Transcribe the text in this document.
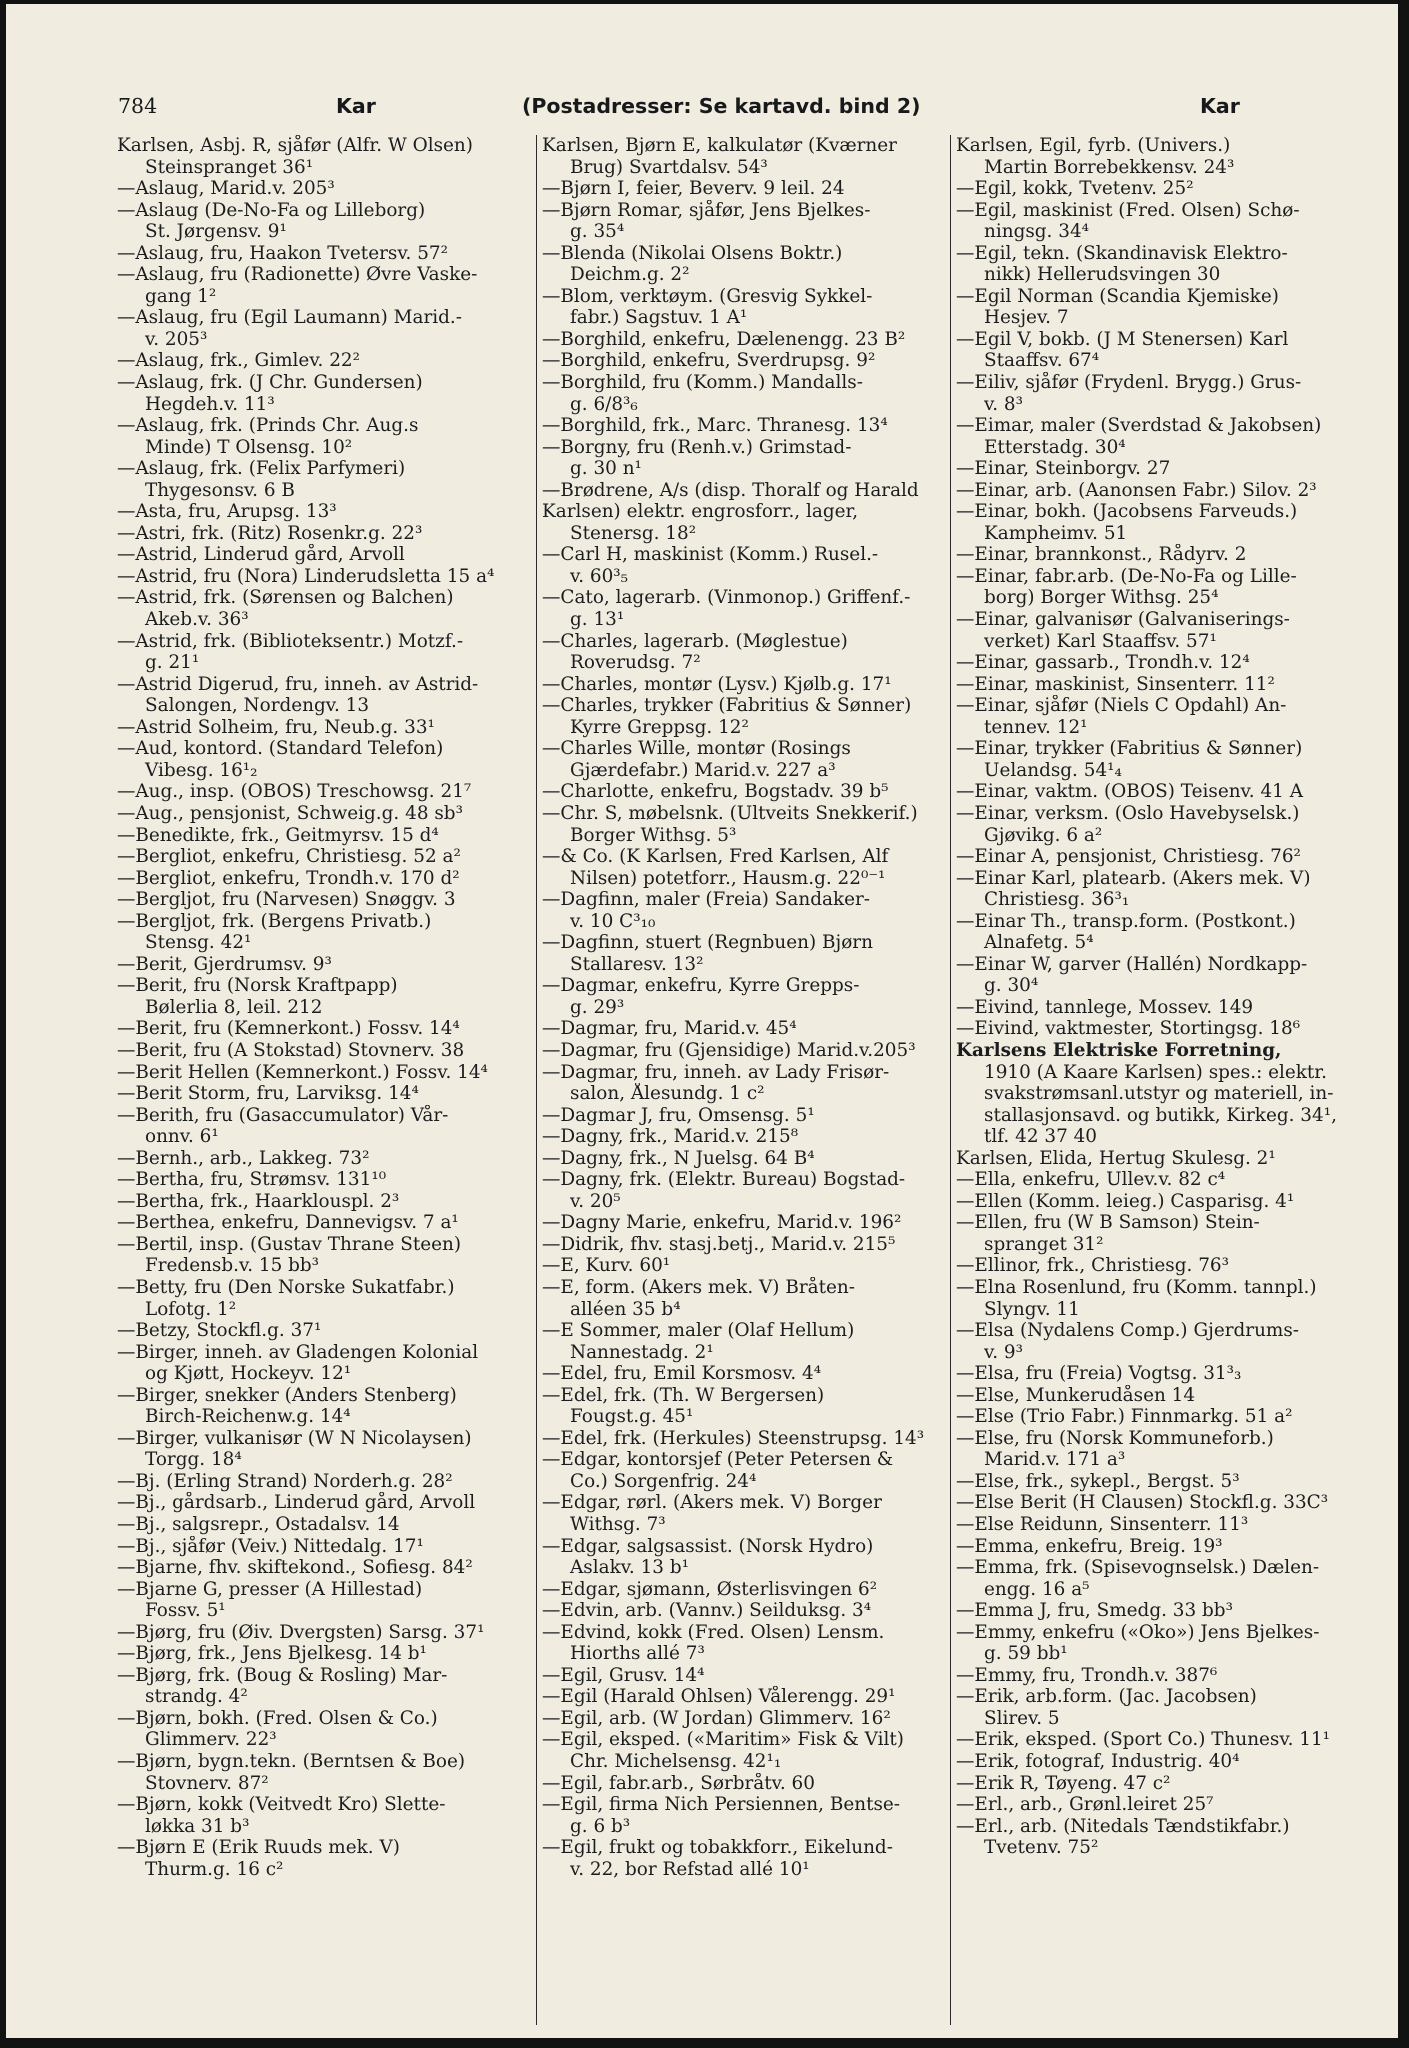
784	Kar	(Postadresser: Se kartavd. bind 2)	Kar
Karlsen, Asbj. R, sjåfør (Alfr. W Olsen)
Steinspranget 36¹
—Aslaug, Marid.v. 205³
—Aslaug (De-No-Fa og Lilleborg)
St. Jørgensv. 9¹
—Aslaug, fru, Haakon Tvetersv. 57²
—Aslaug, fru (Radionette) Øvre Vaske-
gang 1²
—Aslaug, fru (Egil Laumann) Marid.-
v. 205³
—Aslaug, frk., Gimlev. 22²
—Aslaug, frk. (J Chr. Gundersen)
Hegdeh.v. 11³
—Aslaug, frk. (Prinds Chr. Aug.s
Minde) T Olsensg. 10²
—Aslaug, frk. (Felix Parfymeri)
Thygesonsv. 6 B
—Asta, fru, Arupsg. 13³
—Astri, frk. (Ritz) Rosenkr.g. 22³
—Astrid, Linderud gård, Arvoll
—Astrid, fru (Nora) Linderudsletta 15 a⁴
—Astrid, frk. (Sørensen og Balchen)
Akeb.v. 36³
—Astrid, frk. (Biblioteksentr.) Motzf.-
g. 21¹
—Astrid Digerud, fru, inneh. av Astrid-
Salongen, Nordengv. 13
—Astrid Solheim, fru, Neub.g. 33¹
—Aud, kontord. (Standard Telefon)
Vibesg. 16¹₂
—Aug., insp. (OBOS) Treschowsg. 21⁷
—Aug., pensjonist, Schweig.g. 48 sb³
—Benedikte, frk., Geitmyrsv. 15 d⁴
—Bergliot, enkefru, Christiesg. 52 a²
—Bergliot, enkefru, Trondh.v. 170 d²
—Bergljot, fru (Narvesen) Snøggv. 3
—Bergljot, frk. (Bergens Privatb.)
Stensg. 42¹
—Berit, Gjerdrumsv. 9³
—Berit, fru (Norsk Kraftpapp)
Bølerlia 8, leil. 212
—Berit, fru (Kemnerkont.) Fossv. 14⁴
—Berit, fru (A Stokstad) Stovnerv. 38
—Berit Hellen (Kemnerkont.) Fossv. 14⁴
—Berit Storm, fru, Larviksg. 14⁴
—Berith, fru (Gasaccumulator) Vår-
onnv. 6¹
—Bernh., arb., Lakkeg. 73²
—Bertha, fru, Strømsv. 131¹⁰
—Bertha, frk., Haarklouspl. 2³
—Berthea, enkefru, Dannevigsv. 7 a¹
—Bertil, insp. (Gustav Thrane Steen)
Fredensb.v. 15 bb³
—Betty, fru (Den Norske Sukatfabr.)
Lofotg. 1²
—Betzy, Stockfl.g. 37¹
—Birger, inneh. av Gladengen Kolonial
og Kjøtt, Hockeyv. 12¹
—Birger, snekker (Anders Stenberg)
Birch-Reichenw.g. 14⁴
—Birger, vulkanisør (W N Nicolaysen)
Torgg. 18⁴
—Bj. (Erling Strand) Norderh.g. 28²
—Bj., gårdsarb., Linderud gård, Arvoll
—Bj., salgsrepr., Ostadalsv. 14
—Bj., sjåfør (Veiv.) Nittedalg. 17¹
—Bjarne, fhv. skiftekond., Sofiesg. 84²
—Bjarne G, presser (A Hillestad)
Fossv. 5¹
—Bjørg, fru (Øiv. Dvergsten) Sarsg. 37¹
—Bjørg, frk., Jens Bjelkesg. 14 b¹
—Bjørg, frk. (Boug & Rosling) Mar-
strandg. 4²
—Bjørn, bokh. (Fred. Olsen & Co.)
Glimmerv. 22³
—Bjørn, bygn.tekn. (Berntsen & Boe)
Stovnerv. 87²
—Bjørn, kokk (Veitvedt Kro) Slette-
løkka 31 b³
—Bjørn E (Erik Ruuds mek. V)
Thurm.g. 16 c²
Karlsen, Bjørn E, kalkulatør (Kværner
Brug) Svartdalsv. 54³
—Bjørn I, feier, Beverv. 9 leil. 24
—Bjørn Romar, sjåfør, Jens Bjelkes-
g. 35⁴
—Blenda (Nikolai Olsens Boktr.)
Deichm.g. 2²
—Blom, verktøym. (Gresvig Sykkel-
fabr.) Sagstuv. 1 A¹
—Borghild, enkefru, Dælenengg. 23 B²
—Borghild, enkefru, Sverdrupsg. 9²
—Borghild, fru (Komm.) Mandalls-
g. 6/8³₆
—Borghild, frk., Marc. Thranesg. 13⁴
—Borgny, fru (Renh.v.) Grimstad-
g. 30 n¹
—Brødrene, A/s (disp. Thoralf og Harald
Karlsen) elektr. engrosforr., lager,
Stenersg. 18²
—Carl H, maskinist (Komm.) Rusel.-
v. 60³₅
—Cato, lagerarb. (Vinmonop.) Griffenf.-
g. 13¹
—Charles, lagerarb. (Møglestue)
Roverudsg. 7²
—Charles, montør (Lysv.) Kjølb.g. 17¹
—Charles, trykker (Fabritius & Sønner)
Kyrre Greppsg. 12²
—Charles Wille, montør (Rosings
Gjærdefabr.) Marid.v. 227 a³
—Charlotte, enkefru, Bogstadv. 39 b⁵
—Chr. S, møbelsnk. (Ultveits Snekkerif.)
Borger Withsg. 5³
—& Co. (K Karlsen, Fred Karlsen, Alf
Nilsen) potetforr., Hausm.g. 22⁰⁻¹
—Dagfinn, maler (Freia) Sandaker-
v. 10 C³₁₀
—Dagfinn, stuert (Regnbuen) Bjørn
Stallaresv. 13²
—Dagmar, enkefru, Kyrre Grepps-
g. 29³
—Dagmar, fru, Marid.v. 45⁴
—Dagmar, fru (Gjensidige) Marid.v.205³
—Dagmar, fru, inneh. av Lady Frisør-
salon, Ålesundg. 1 c²
—Dagmar J, fru, Omsensg. 5¹
—Dagny, frk., Marid.v. 215⁸
—Dagny, frk., N Juelsg. 64 B⁴
—Dagny, frk. (Elektr. Bureau) Bogstad-
v. 20⁵
—Dagny Marie, enkefru, Marid.v. 196²
—Didrik, fhv. stasj.betj., Marid.v. 215⁵
—E, Kurv. 60¹
—E, form. (Akers mek. V) Bråten-
alléen 35 b⁴
—E Sommer, maler (Olaf Hellum)
Nannestadg. 2¹
—Edel, fru, Emil Korsmosv. 4⁴
—Edel, frk. (Th. W Bergersen)
Fougst.g. 45¹
—Edel, frk. (Herkules) Steenstrupsg. 14³
—Edgar, kontorsjef (Peter Petersen &
Co.) Sorgenfrig. 24⁴
—Edgar, rørl. (Akers mek. V) Borger
Withsg. 7³
—Edgar, salgsassist. (Norsk Hydro)
Aslakv. 13 b¹
—Edgar, sjømann, Østerlisvingen 6²
—Edvin, arb. (Vannv.) Seilduksg. 3⁴
—Edvind, kokk (Fred. Olsen) Lensm.
Hiorths allé 7³
—Egil, Grusv. 14⁴
—Egil (Harald Ohlsen) Vålerengg. 29¹
—Egil, arb. (W Jordan) Glimmerv. 16²
—Egil, eksped. («Maritim» Fisk & Vilt)
Chr. Michelsensg. 42¹₁
—Egil, fabr.arb., Sørbråtv. 60
—Egil, firma Nich Persiennen, Bentse-
g. 6 b³
—Egil, frukt og tobakkforr., Eikelund-
v. 22, bor Refstad allé 10¹
Karlsen, Egil, fyrb. (Univers.)
Martin Borrebekkensv. 24³
—Egil, kokk, Tvetenv. 25²
—Egil, maskinist (Fred. Olsen) Schø-
ningsg. 34⁴
—Egil, tekn. (Skandinavisk Elektro-
nikk) Hellerudsvingen 30
—Egil Norman (Scandia Kjemiske)
Hesjev. 7
—Egil V, bokb. (J M Stenersen) Karl
Staaffsv. 67⁴
—Eiliv, sjåfør (Frydenl. Brygg.) Grus-
v. 8³
—Eimar, maler (Sverdstad & Jakobsen)
Etterstadg. 30⁴
—Einar, Steinborgv. 27
—Einar, arb. (Aanonsen Fabr.) Silov. 2³
—Einar, bokh. (Jacobsens Farveuds.)
Kampheimv. 51
—Einar, brannkonst., Rådyrv. 2
—Einar, fabr.arb. (De-No-Fa og Lille-
borg) Borger Withsg. 25⁴
—Einar, galvanisør (Galvaniserings-
verket) Karl Staaffsv. 57¹
—Einar, gassarb., Trondh.v. 12⁴
—Einar, maskinist, Sinsenterr. 11²
—Einar, sjåfør (Niels C Opdahl) An-
tennev. 12¹
—Einar, trykker (Fabritius & Sønner)
Uelandsg. 54¹₄
—Einar, vaktm. (OBOS) Teisenv. 41 A
—Einar, verksm. (Oslo Havebyselsk.)
Gjøvikg. 6 a²
—Einar A, pensjonist, Christiesg. 76²
—Einar Karl, platearb. (Akers mek. V)
Christiesg. 36³₁
—Einar Th., transp.form. (Postkont.)
Alnafetg. 5⁴
—Einar W, garver (Hallén) Nordkapp-
g. 30⁴
—Eivind, tannlege, Mossev. 149
—Eivind, vaktmester, Stortingsg. 18⁶
Karlsens Elektriske Forretning,
1910 (A Kaare Karlsen) spes.: elektr.
svakstrømsanl.utstyr og materiell, in-
stallasjonsavd. og butikk, Kirkeg. 34¹,
tlf. 42 37 40
Karlsen, Elida, Hertug Skulesg. 2¹
—Ella, enkefru, Ullev.v. 82 c⁴
—Ellen (Komm. leieg.) Casparisg. 4¹
—Ellen, fru (W B Samson) Stein-
spranget 31²
—Ellinor, frk., Christiesg. 76³
—Elna Rosenlund, fru (Komm. tannpl.)
Slyngv. 11
—Elsa (Nydalens Comp.) Gjerdrums-
v. 9³
—Elsa, fru (Freia) Vogtsg. 31³₃
—Else, Munkerudåsen 14
—Else (Trio Fabr.) Finnmarkg. 51 a²
—Else, fru (Norsk Kommuneforb.)
Marid.v. 171 a³
—Else, frk., sykepl., Bergst. 5³
—Else Berit (H Clausen) Stockfl.g. 33C³
—Else Reidunn, Sinsenterr. 11³
—Emma, enkefru, Breig. 19³
—Emma, frk. (Spisevognselsk.) Dælen-
engg. 16 a⁵
—Emma J, fru, Smedg. 33 bb³
—Emmy, enkefru («Oko») Jens Bjelkes-
g. 59 bb¹
—Emmy, fru, Trondh.v. 387⁶
—Erik, arb.form. (Jac. Jacobsen)
Slirev. 5
—Erik, eksped. (Sport Co.) Thunesv. 11¹
—Erik, fotograf, Industrig. 40⁴
—Erik R, Tøyeng. 47 c²
—Erl., arb., Grønl.leiret 25⁷
—Erl., arb. (Nitedals Tændstikfabr.)
Tvetenv. 75²
